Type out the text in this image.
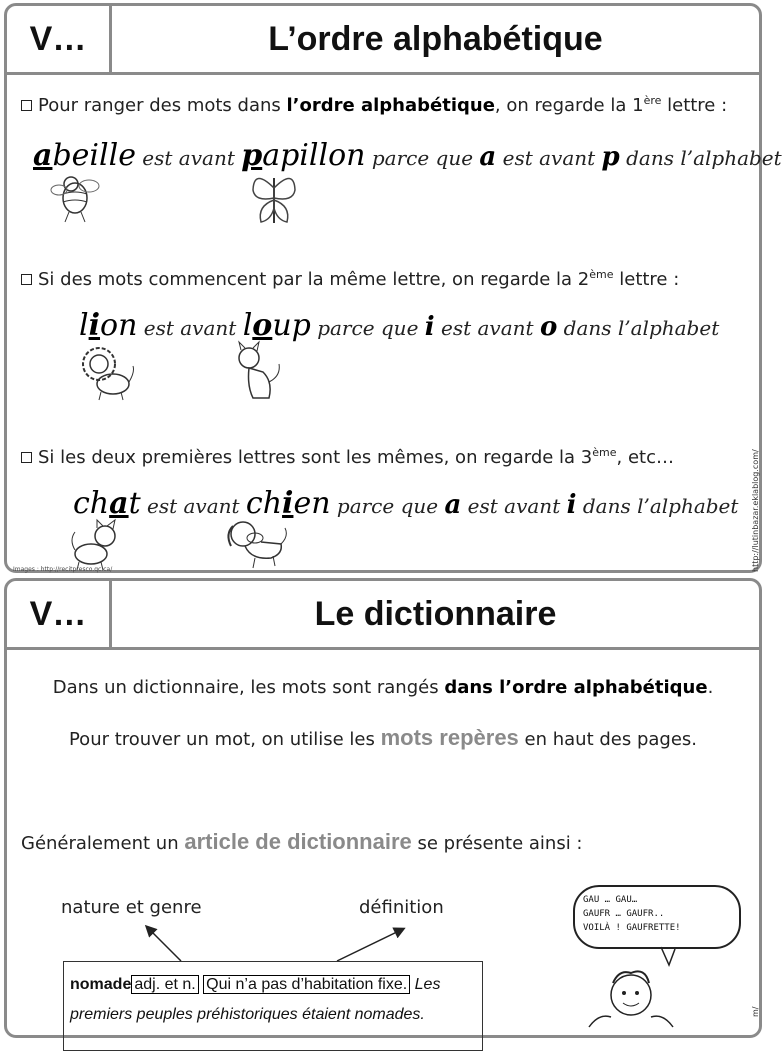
V…	L’ordre alphabétique
Pour ranger des mots dans l’ordre alphabétique, on regarde la 1ère lettre :
abeille est avant papillon parce que a est avant p dans l’alphabet
Si des mots commencent par la même lettre, on regarde la 2ème lettre :
lion est avant loup parce que i est avant o dans l’alphabet
Si les deux premières lettres sont les mêmes, on regarde la 3ème, etc…
chat est avant chien parce que a est avant i dans l’alphabet
Images : http://recitpresco.qc.ca/	http://lutinbazar.eklablog.com/
V…	Le dictionnaire
Dans un dictionnaire, les mots sont rangés dans l’ordre alphabétique.
Pour trouver un mot, on utilise les mots repères en haut des pages.
Généralement un article de dictionnaire se présente ainsi :
nature et genre	définition
nomade adj. et n. Qui n’a pas d’habitation fixe. Les premiers peuples préhistoriques étaient nomades.
GAU … GAU…
GAUFR … GAUFR..
VOILÀ ! GAUFRETTE!
m/
